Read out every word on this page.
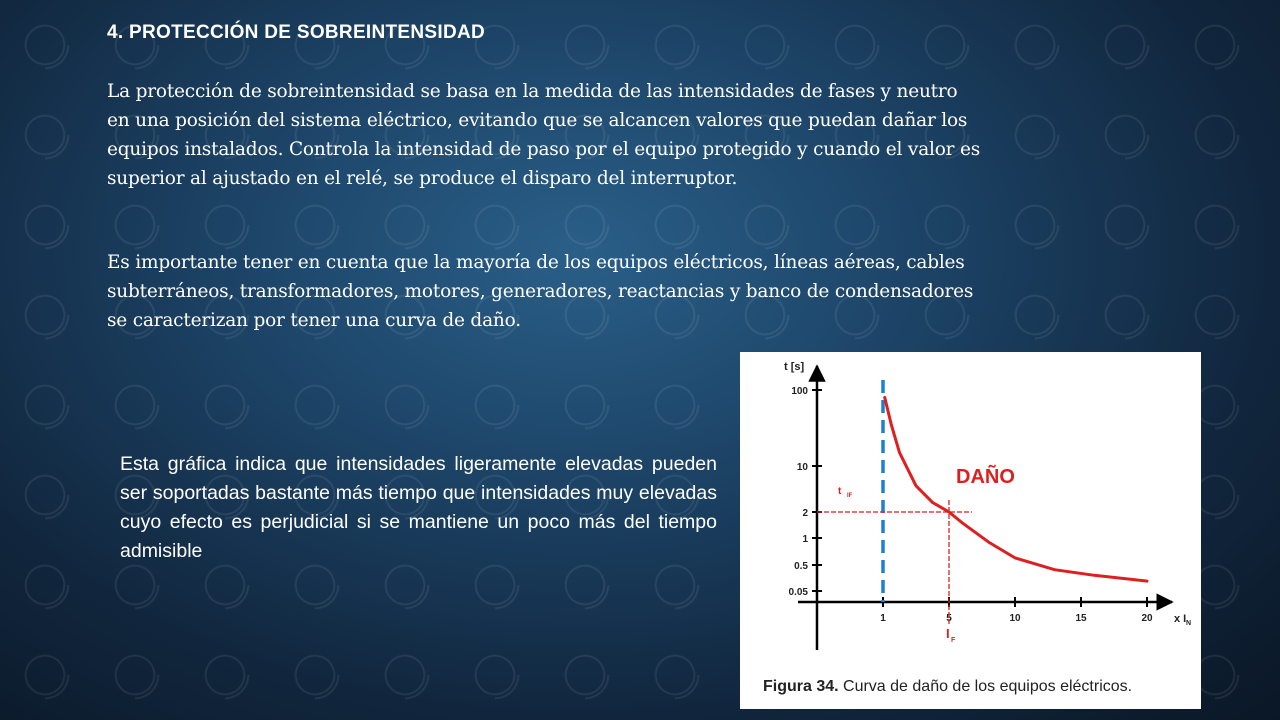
4. PROTECCIÓN DE SOBREINTENSIDAD

La protección de sobreintensidad se basa en la medida de las intensidades de fases y neutro en una posición del sistema eléctrico, evitando que se alcancen valores que puedan dañar los equipos instalados. Controla la intensidad de paso por el equipo protegido y cuando el valor es superior al ajustado en el relé, se produce el disparo del interruptor.

Es importante tener en cuenta que la mayoría de los equipos eléctricos, líneas aéreas, cables subterráneos, transformadores, motores, generadores, reactancias y banco de condensadores se caracterizan por tener una curva de daño.

Esta gráfica indica que intensidades ligeramente elevadas pueden ser soportadas bastante más tiempo que intensidades muy elevadas cuyo efecto es perjudicial si se mantiene un poco más del tiempo admisible

100
10
2
1
0.5
0.05
1	5	10	15	20
t [s]
x I N
DAÑO
t IF
I F

Figura 34. Curva de daño de los equipos eléctricos.
